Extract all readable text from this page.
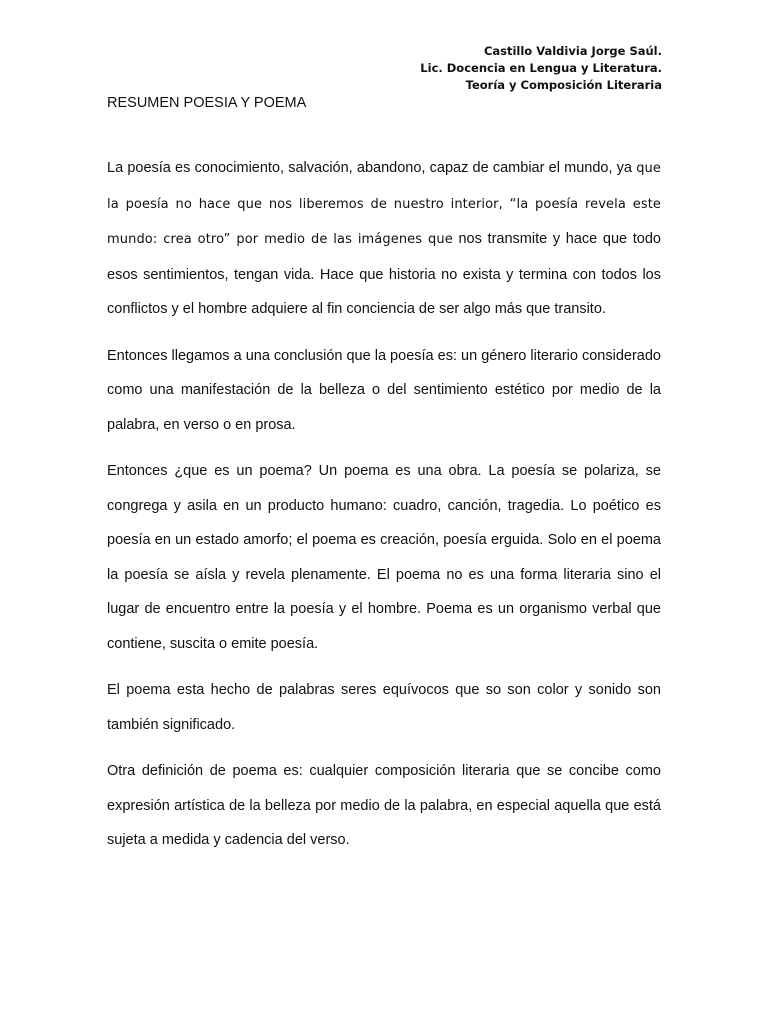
Castillo Valdivia Jorge Saúl.
Lic. Docencia en Lengua y Literatura.
Teoría y Composición Literaria
RESUMEN POESIA Y POEMA

La poesía es conocimiento, salvación, abandono, capaz de cambiar el mundo, ya que la poesía no hace que nos liberemos de nuestro interior, “la poesía revela este mundo: crea otro” por medio de las imágenes que nos transmite y hace que todo esos sentimientos, tengan vida. Hace que historia no exista y termina con todos los conflictos y el hombre adquiere al fin conciencia de ser algo más que transito.

Entonces llegamos a una conclusión que la poesía es: un género literario considerado como una manifestación de la belleza o del sentimiento estético por medio de la palabra, en verso o en prosa.

Entonces ¿que es un poema? Un poema es una obra. La poesía se polariza, se congrega y asila en un producto humano: cuadro, canción, tragedia. Lo poético es poesía en un estado amorfo; el poema es creación, poesía erguida. Solo en el poema la poesía se aísla y revela plenamente. El poema no es una forma literaria sino el lugar de encuentro entre la poesía y el hombre. Poema es un organismo verbal que contiene, suscita o emite poesía.

El poema esta hecho de palabras seres equívocos que so son color y sonido son también significado.

Otra definición de poema es: cualquier composición literaria que se concibe como expresión artística de la belleza por medio de la palabra, en especial aquella que está sujeta a medida y cadencia del verso.
